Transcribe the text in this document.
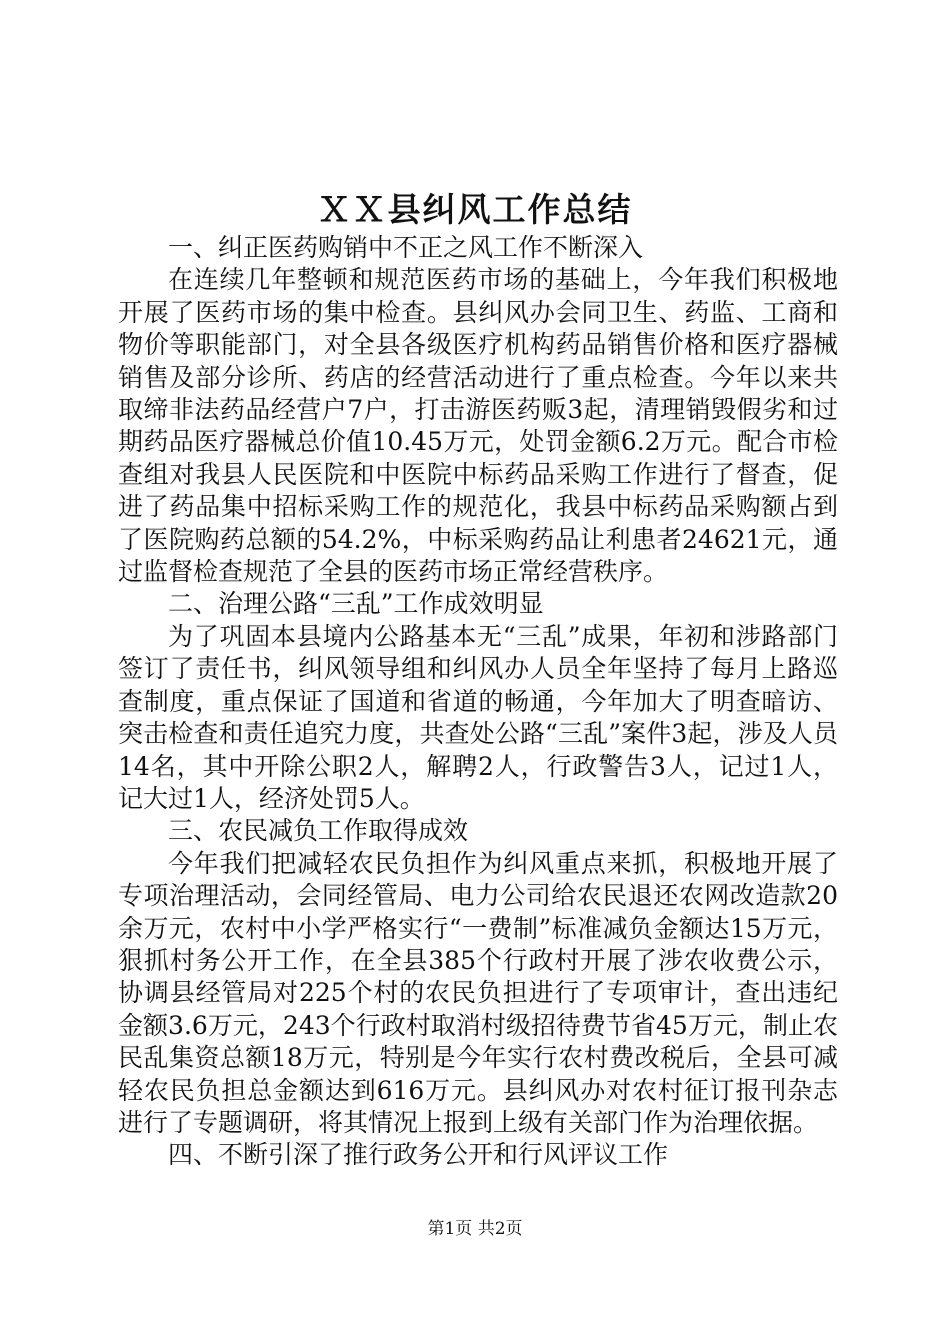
ＸＸ县纠风工作总结

一、纠正医药购销中不正之风工作不断深入

在连续几年整顿和规范医药市场的基础上，今年我们积极地开展了医药市场的集中检查。县纠风办会同卫生、药监、工商和物价等职能部门，对全县各级医疗机构药品销售价格和医疗器械销售及部分诊所、药店的经营活动进行了重点检查。今年以来共取缔非法药品经营户7户，打击游医药贩3起，清理销毁假劣和过期药品医疗器械总价值10.45万元，处罚金额6.2万元。配合市检查组对我县人民医院和中医院中标药品采购工作进行了督查，促进了药品集中招标采购工作的规范化，我县中标药品采购额占到了医院购药总额的54.2%，中标采购药品让利患者24621元，通过监督检查规范了全县的医药市场正常经营秩序。

二、治理公路“三乱”工作成效明显

为了巩固本县境内公路基本无“三乱”成果，年初和涉路部门签订了责任书，纠风领导组和纠风办人员全年坚持了每月上路巡查制度，重点保证了国道和省道的畅通，今年加大了明查暗访、突击检查和责任追究力度，共查处公路“三乱”案件3起，涉及人员14名，其中开除公职2人，解聘2人，行政警告3人，记过1人，记大过1人，经济处罚5人。

三、农民减负工作取得成效

今年我们把减轻农民负担作为纠风重点来抓，积极地开展了专项治理活动，会同经管局、电力公司给农民退还农网改造款20余万元，农村中小学严格实行“一费制”标准减负金额达15万元，狠抓村务公开工作，在全县385个行政村开展了涉农收费公示，协调县经管局对225个村的农民负担进行了专项审计，查出违纪金额3.6万元，243个行政村取消村级招待费节省45万元，制止农民乱集资总额18万元，特别是今年实行农村费改税后，全县可减轻农民负担总金额达到616万元。县纠风办对农村征订报刊杂志进行了专题调研，将其情况上报到上级有关部门作为治理依据。

四、不断引深了推行政务公开和行风评议工作

第1页 共2页
